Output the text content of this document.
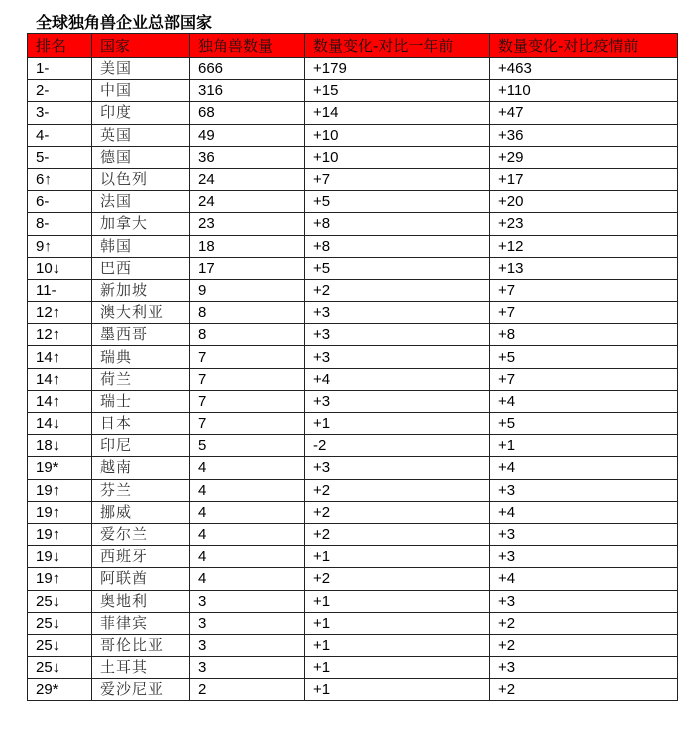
全球独角兽企业总部国家
排名	国家	独角兽数量	数量变化-对比一年前	数量变化-对比疫情前
1-	美国	666	+179	+463
2-	中国	316	+15	+110
3-	印度	68	+14	+47
4-	英国	49	+10	+36
5-	德国	36	+10	+29
6↑	以色列	24	+7	+17
6-	法国	24	+5	+20
8-	加拿大	23	+8	+23
9↑	韩国	18	+8	+12
10↓	巴西	17	+5	+13
11-	新加坡	9	+2	+7
12↑	澳大利亚	8	+3	+7
12↑	墨西哥	8	+3	+8
14↑	瑞典	7	+3	+5
14↑	荷兰	7	+4	+7
14↑	瑞士	7	+3	+4
14↓	日本	7	+1	+5
18↓	印尼	5	-2	+1
19*	越南	4	+3	+4
19↑	芬兰	4	+2	+3
19↑	挪威	4	+2	+4
19↑	爱尔兰	4	+2	+3
19↓	西班牙	4	+1	+3
19↑	阿联酋	4	+2	+4
25↓	奥地利	3	+1	+3
25↓	菲律宾	3	+1	+2
25↓	哥伦比亚	3	+1	+2
25↓	土耳其	3	+1	+3
29*	爱沙尼亚	2	+1	+2
